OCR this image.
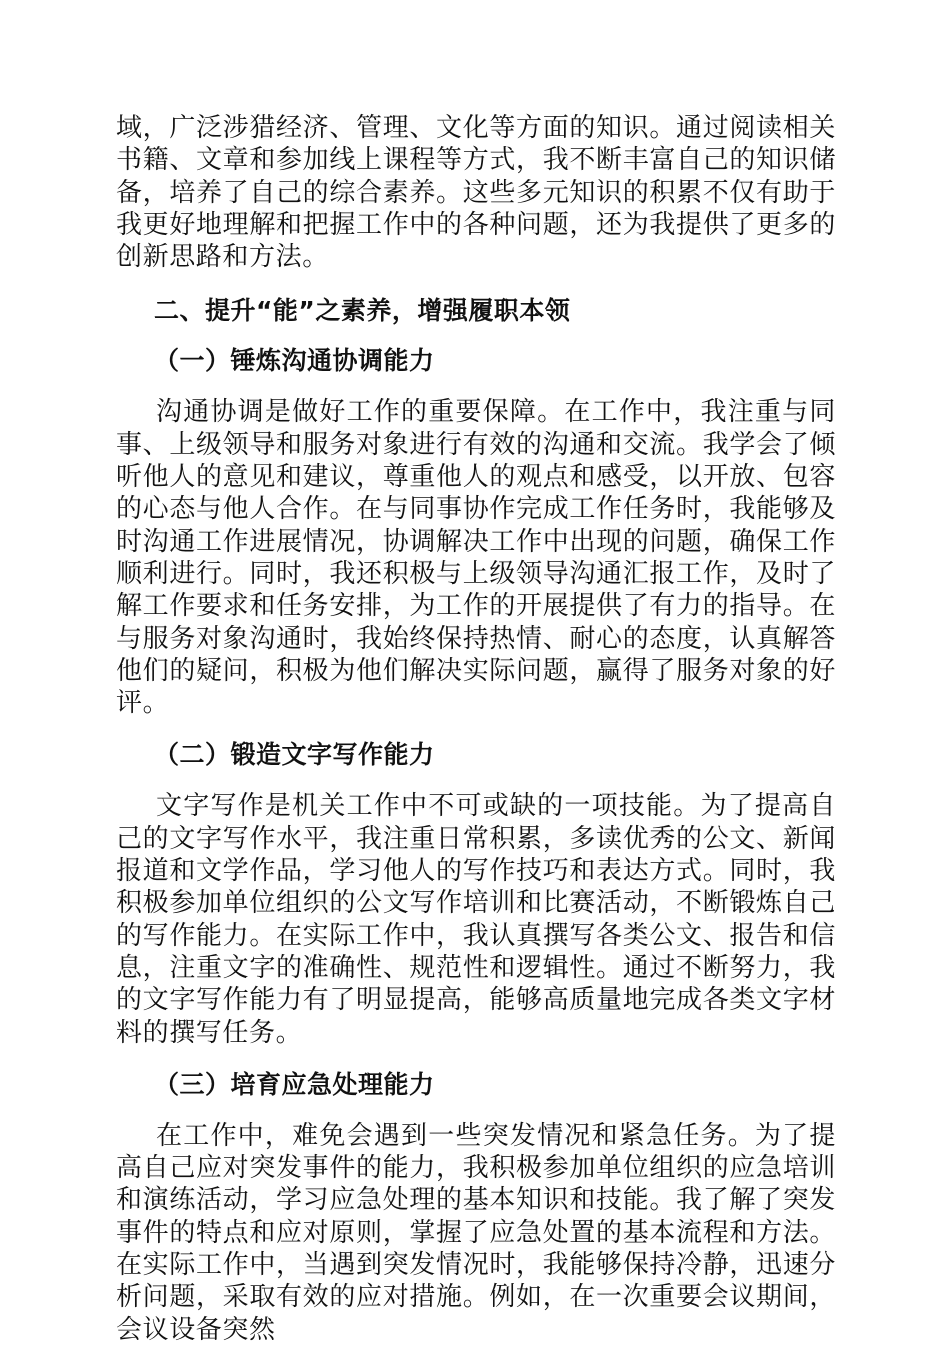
域，广泛涉猎经济、管理、文化等方面的知识。通过阅读相关书籍、文章和参加线上课程等方式，我不断丰富自己的知识储备，培养了自己的综合素养。这些多元知识的积累不仅有助于我更好地理解和把握工作中的各种问题，还为我提供了更多的创新思路和方法。

二、提升“能”之素养，增强履职本领
（一）锤炼沟通协调能力

沟通协调是做好工作的重要保障。在工作中，我注重与同事、上级领导和服务对象进行有效的沟通和交流。我学会了倾听他人的意见和建议，尊重他人的观点和感受，以开放、包容的心态与他人合作。在与同事协作完成工作任务时，我能够及时沟通工作进展情况，协调解决工作中出现的问题，确保工作顺利进行。同时，我还积极与上级领导沟通汇报工作，及时了解工作要求和任务安排，为工作的开展提供了有力的指导。在与服务对象沟通时，我始终保持热情、耐心的态度，认真解答他们的疑问，积极为他们解决实际问题，赢得了服务对象的好评。

（二）锻造文字写作能力

文字写作是机关工作中不可或缺的一项技能。为了提高自己的文字写作水平，我注重日常积累，多读优秀的公文、新闻报道和文学作品，学习他人的写作技巧和表达方式。同时，我积极参加单位组织的公文写作培训和比赛活动，不断锻炼自己的写作能力。在实际工作中，我认真撰写各类公文、报告和信息，注重文字的准确性、规范性和逻辑性。通过不断努力，我的文字写作能力有了明显提高，能够高质量地完成各类文字材料的撰写任务。

（三）培育应急处理能力

在工作中，难免会遇到一些突发情况和紧急任务。为了提高自己应对突发事件的能力，我积极参加单位组织的应急培训和演练活动，学习应急处理的基本知识和技能。我了解了突发事件的特点和应对原则，掌握了应急处置的基本流程和方法。在实际工作中，当遇到突发情况时，我能够保持冷静，迅速分析问题，采取有效的应对措施。例如，在一次重要会议期间，会议设备突然
